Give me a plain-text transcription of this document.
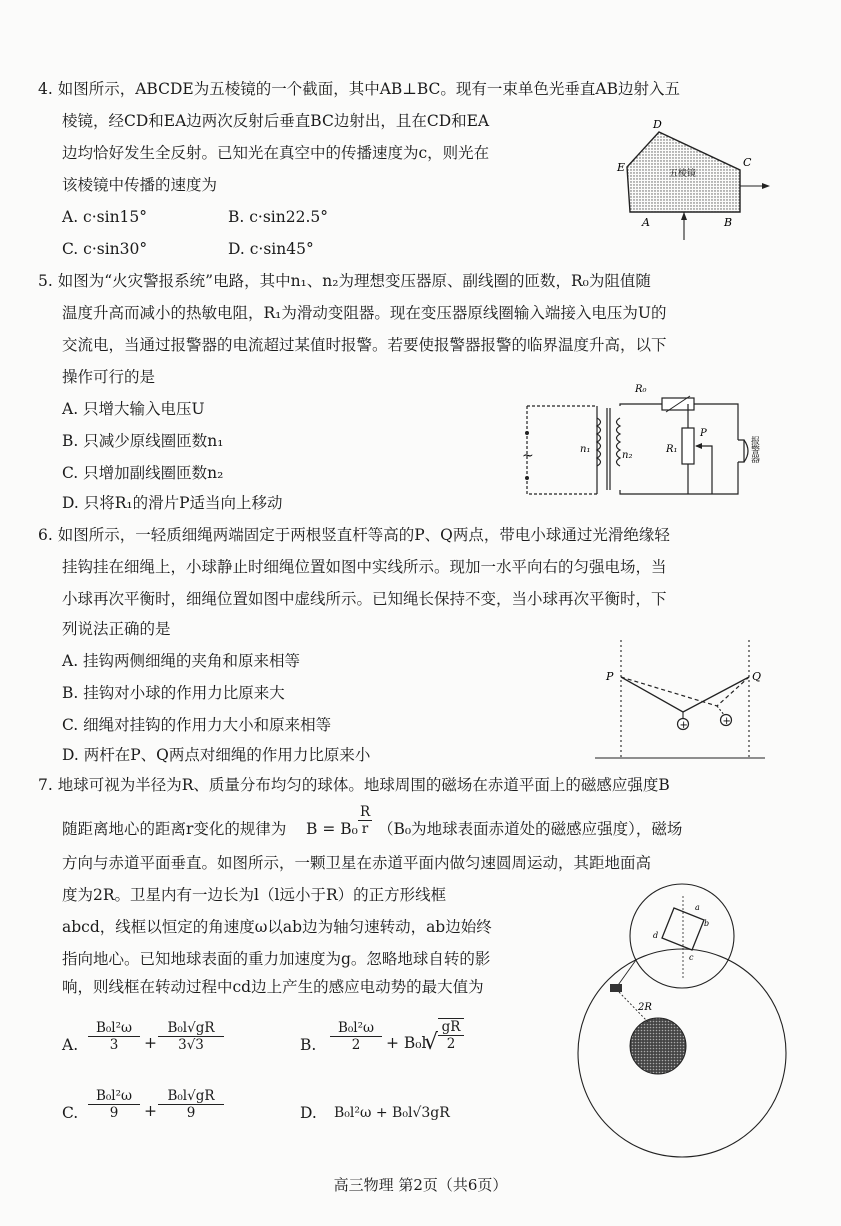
4. 如图所示，ABCDE为五棱镜的一个截面，其中AB⊥BC。现有一束单色光垂直AB边射入五
棱镜，经CD和EA边两次反射后垂直BC边射出，且在CD和EA
边均恰好发生全反射。已知光在真空中的传播速度为c，则光在
该棱镜中传播的速度为
A. c·sin15°	B. c·sin22.5°
C. c·sin30°	D. c·sin45°
D
E	C
A	B
五棱镜
5. 如图为“火灾警报系统”电路，其中n₁、n₂为理想变压器原、副线圈的匝数，R₀为阻值随
温度升高而减小的热敏电阻，R₁为滑动变阻器。现在变压器原线圈输入端接入电压为U的
交流电，当通过报警器的电流超过某值时报警。若要使报警器报警的临界温度升高，以下
操作可行的是
A. 只增大输入电压U
B. 只减少原线圈匝数n₁
C. 只增加副线圈匝数n₂
D. 只将R₁的滑片P适当向上移动
~	n₁
n₂
R₀
P
R₁	报警器
6. 如图所示，一轻质细绳两端固定于两根竖直杆等高的P、Q两点，带电小球通过光滑绝缘轻
挂钩挂在细绳上，小球静止时细绳位置如图中实线所示。现加一水平向右的匀强电场，当
小球再次平衡时，细绳位置如图中虚线所示。已知绳长保持不变，当小球再次平衡时，下
列说法正确的是
A. 挂钩两侧细绳的夹角和原来相等
B. 挂钩对小球的作用力比原来大
C. 细绳对挂钩的作用力大小和原来相等
D. 两杆在P、Q两点对细绳的作用力比原来小
+	+
P	Q
7. 地球可视为半径为R、质量分布均匀的球体。地球周围的磁场在赤道平面上的磁感应强度B
随距离地心的距离r变化的规律为 $B = B_0 \frac{R}{r} (B_0$为地球表面赤道处的磁感应强度），磁场
方向与赤道平面垂直。如图所示，一颗卫星在赤道平面内做匀速圆周运动，其距地面高
度为2R。卫星内有一边长为l（l远小于R）的正方形线框
abcd，线框以恒定的角速度ω以ab边为轴匀速转动，ab边始终
指向地心。已知地球表面的重力加速度为g。忽略地球自转的影
响，则线框在转动过程中cd边上产生的感应电动势的最大值为
A. $\frac{\text{B₀l²ω}}{3} + \frac{\text{B₀l√gR}}{3√3}$	B. $\frac{\text{B₀l²ω}}{2} + B_0l$
√ $\frac{gR}{2}$
C. $\frac{\text{B₀l²ω}}{9} + \frac{\text{B₀l√gR}}{9}$	D. B₀l²ω + B₀l√3gR
a
b
d
c
2R
高三物理 第2页（共6页）
